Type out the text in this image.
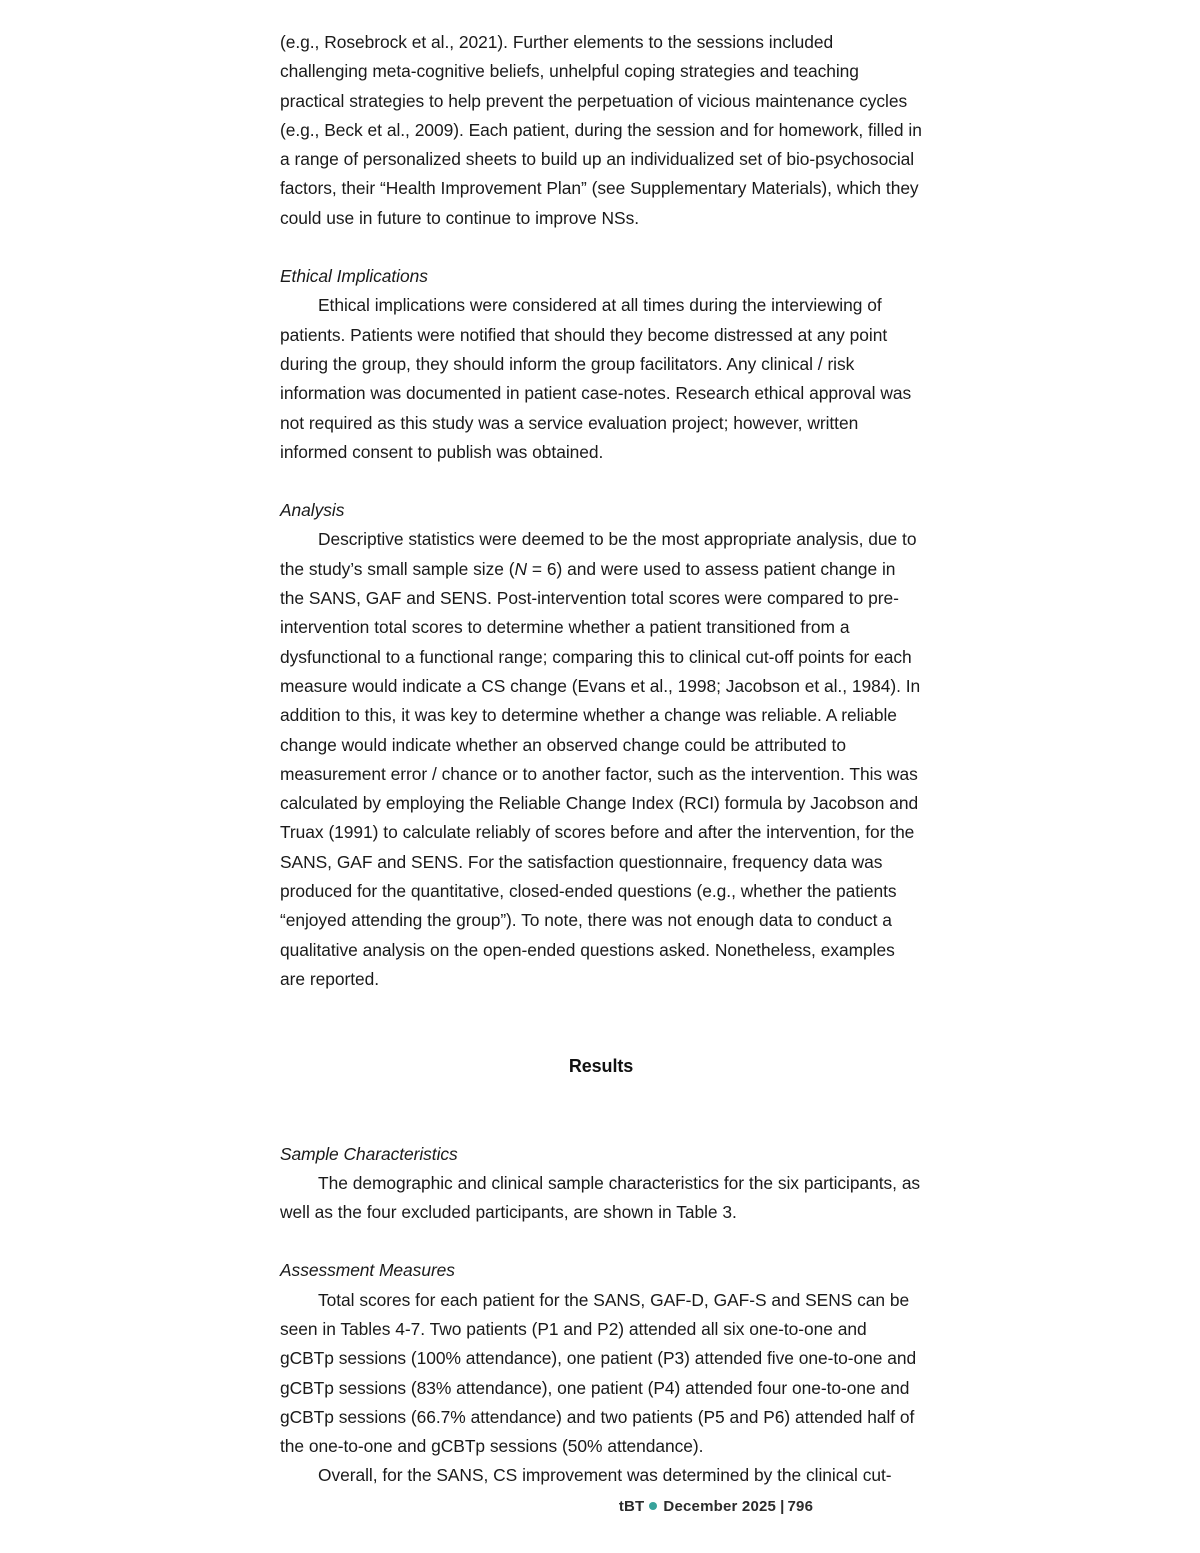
(e.g., Rosebrock et al., 2021). Further elements to the sessions included challenging meta-cognitive beliefs, unhelpful coping strategies and teaching practical strategies to help prevent the perpetuation of vicious maintenance cycles (e.g., Beck et al., 2009). Each patient, during the session and for homework, filled in a range of personalized sheets to build up an individualized set of bio-psychosocial factors, their “Health Improvement Plan” (see Supplementary Materials), which they could use in future to continue to improve NSs.

Ethical Implications

Ethical implications were considered at all times during the interviewing of patients. Patients were notified that should they become distressed at any point during the group, they should inform the group facilitators. Any clinical / risk information was documented in patient case-notes. Research ethical approval was not required as this study was a service evaluation project; however, written informed consent to publish was obtained.

Analysis

Descriptive statistics were deemed to be the most appropriate analysis, due to the study’s small sample size (N = 6) and were used to assess patient change in the SANS, GAF and SENS. Post-intervention total scores were compared to pre-intervention total scores to determine whether a patient transitioned from a dysfunctional to a functional range; comparing this to clinical cut-off points for each measure would indicate a CS change (Evans et al., 1998; Jacobson et al., 1984). In addition to this, it was key to determine whether a change was reliable. A reliable change would indicate whether an observed change could be attributed to measurement error / chance or to another factor, such as the intervention. This was calculated by employing the Reliable Change Index (RCI) formula by Jacobson and Truax (1991) to calculate reliably of scores before and after the intervention, for the SANS, GAF and SENS. For the satisfaction questionnaire, frequency data was produced for the quantitative, closed-ended questions (e.g., whether the patients “enjoyed attending the group”). To note, there was not enough data to conduct a qualitative analysis on the open-ended questions asked. Nonetheless, examples are reported.

Results
Sample Characteristics

The demographic and clinical sample characteristics for the six participants, as well as the four excluded participants, are shown in Table 3.

Assessment Measures

Total scores for each patient for the SANS, GAF-D, GAF-S and SENS can be seen in Tables 4-7. Two patients (P1 and P2) attended all six one-to-one and gCBTp sessions (100% attendance), one patient (P3) attended five one-to-one and gCBTp sessions (83% attendance), one patient (P4) attended four one-to-one and gCBTp sessions (66.7% attendance) and two patients (P5 and P6) attended half of the one-to-one and gCBTp sessions (50% attendance).

Overall, for the SANS, CS improvement was determined by the clinical cut-

tBT December 2025 | 796
